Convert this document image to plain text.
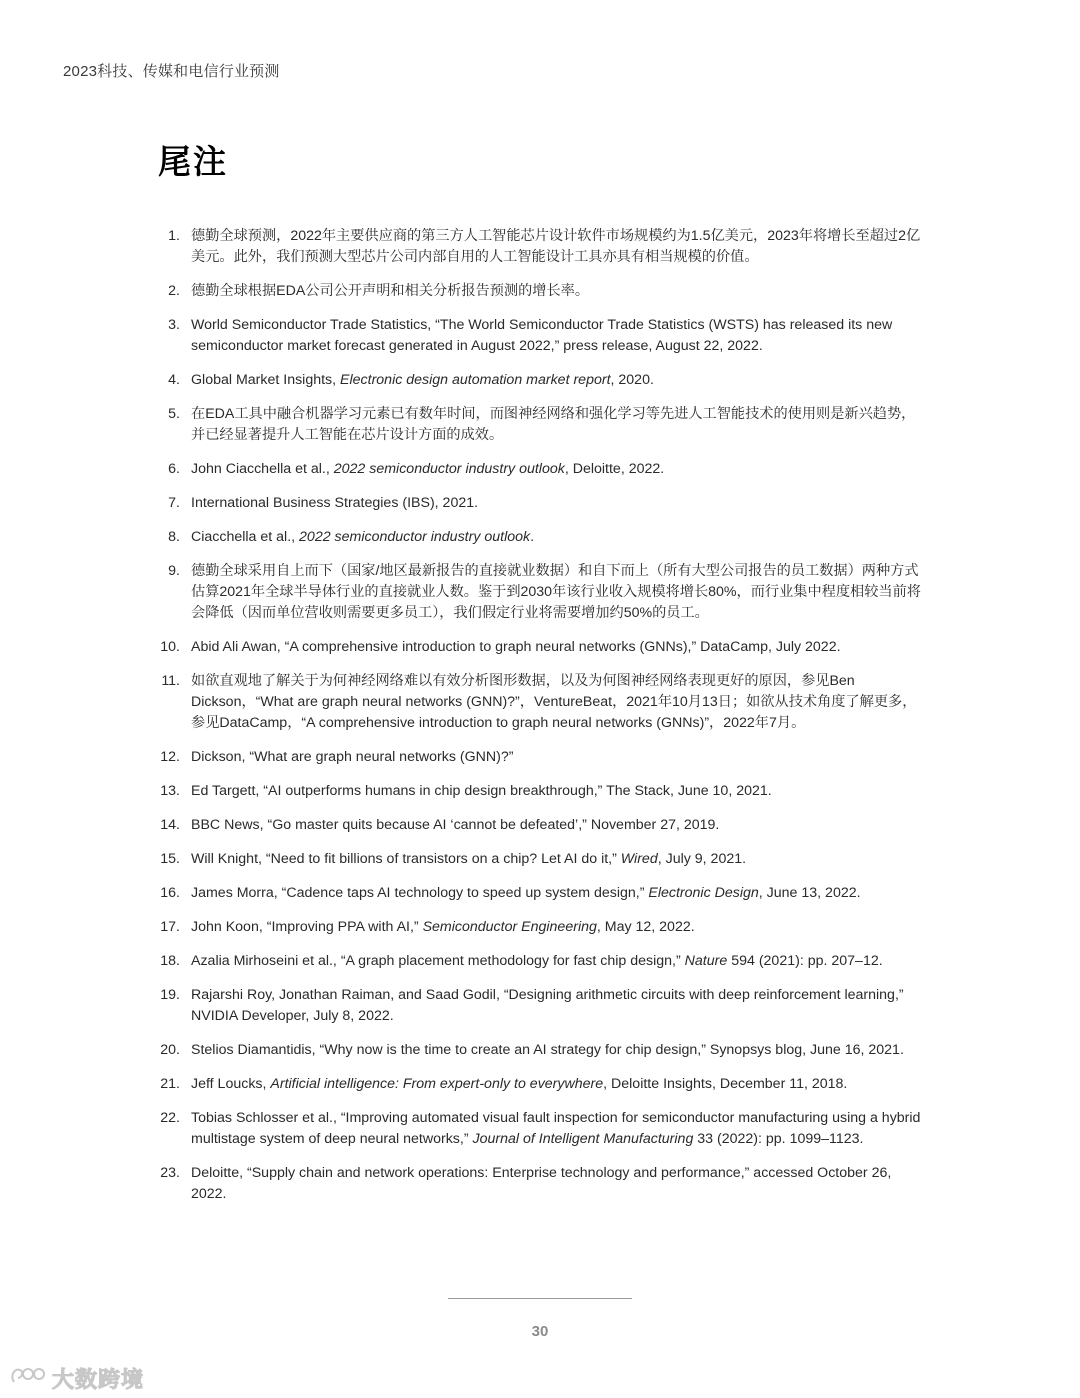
2023科技、传媒和电信行业预测
尾注
1. 德勤全球预测，2022年主要供应商的第三方人工智能芯片设计软件市场规模约为1.5亿美元，2023年将增长至超过2亿美元。此外，我们预测大型芯片公司内部自用的人工智能设计工具亦具有相当规模的价值。
2. 德勤全球根据EDA公司公开声明和相关分析报告预测的增长率。
3. World Semiconductor Trade Statistics, “The World Semiconductor Trade Statistics (WSTS) has released its new semiconductor market forecast generated in August 2022,” press release, August 22, 2022.
4. Global Market Insights, Electronic design automation market report, 2020.
5. 在EDA工具中融合机器学习元素已有数年时间，而图神经网络和强化学习等先进人工智能技术的使用则是新兴趋势，并已经显著提升人工智能在芯片设计方面的成效。
6. John Ciacchella et al., 2022 semiconductor industry outlook, Deloitte, 2022.
7. International Business Strategies (IBS), 2021.
8. Ciacchella et al., 2022 semiconductor industry outlook.
9. 德勤全球采用自上而下（国家/地区最新报告的直接就业数据）和自下而上（所有大型公司报告的员工数据）两种方式估算2021年全球半导体行业的直接就业人数。鉴于到2030年该行业收入规模将增长80%，而行业集中程度相较当前将会降低（因而单位营收则需要更多员工），我们假定行业将需要增加约50%的员工。
10. Abid Ali Awan, “A comprehensive introduction to graph neural networks (GNNs),” DataCamp, July 2022.
11. 如欲直观地了解关于为何神经网络难以有效分析图形数据，以及为何图神经网络表现更好的原因，参见Ben Dickson，“What are graph neural networks (GNN)?”，VentureBeat，2021年10月13日；如欲从技术角度了解更多，参见DataCamp，“A comprehensive introduction to graph neural networks (GNNs)”，2022年7月。
12. Dickson, “What are graph neural networks (GNN)?”
13. Ed Targett, “AI outperforms humans in chip design breakthrough,” The Stack, June 10, 2021.
14. BBC News, “Go master quits because AI ‘cannot be defeated’,” November 27, 2019.
15. Will Knight, “Need to fit billions of transistors on a chip? Let AI do it,” Wired, July 9, 2021.
16. James Morra, “Cadence taps AI technology to speed up system design,” Electronic Design, June 13, 2022.
17. John Koon, “Improving PPA with AI,” Semiconductor Engineering, May 12, 2022.
18. Azalia Mirhoseini et al., “A graph placement methodology for fast chip design,” Nature 594 (2021): pp. 207–12.
19. Rajarshi Roy, Jonathan Raiman, and Saad Godil, “Designing arithmetic circuits with deep reinforcement learning,” NVIDIA Developer, July 8, 2022.
20. Stelios Diamantidis, “Why now is the time to create an AI strategy for chip design,” Synopsys blog, June 16, 2021.
21. Jeff Loucks, Artificial intelligence: From expert-only to everywhere, Deloitte Insights, December 11, 2018.
22. Tobias Schlosser et al., “Improving automated visual fault inspection for semiconductor manufacturing using a hybrid multistage system of deep neural networks,” Journal of Intelligent Manufacturing 33 (2022): pp. 1099–1123.
23. Deloitte, “Supply chain and network operations: Enterprise technology and performance,” accessed October 26, 2022.
30
大数跨境
